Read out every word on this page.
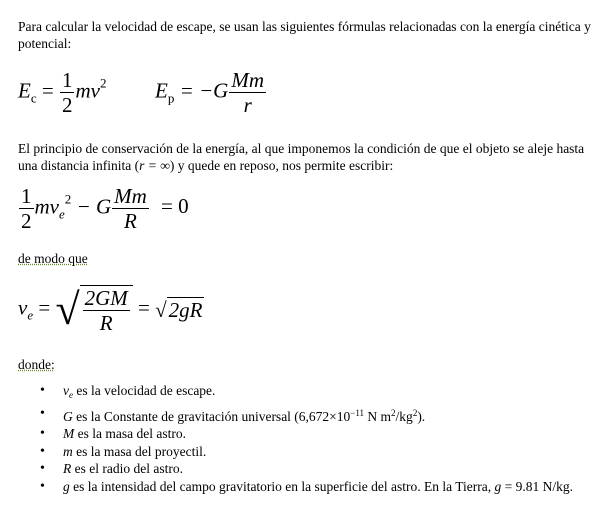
Para calcular la velocidad de escape, se usan las siguientes fórmulas relacionadas con la energía cinética y potencial:
$E_c = \frac{1}{2} mv^2$ $E_p = -G \frac{Mm}{r}$
El principio de conservación de la energía, al que imponemos la condición de que el objeto se aleje hasta una distancia infinita (r = ∞) y quede en reposo, nos permite escribir:
$\frac{1}{2} mv_e^2 - G \frac{Mm}{R} = 0$
de modo que
$v_e$ = √ $\frac{2GM}{R} = √2gR$
donde:
• $v_e$ es la velocidad de escape.
• G es la Constante de gravitación universal ($6,672\times 10^{-11}$ N $m^2/kg^2$).
• M es la masa del astro.
• m es la masa del proyectil.
• R es el radio del astro.
• g es la intensidad del campo gravitatorio en la superficie del astro. En la Tierra, g = 9.81 N/kg.
